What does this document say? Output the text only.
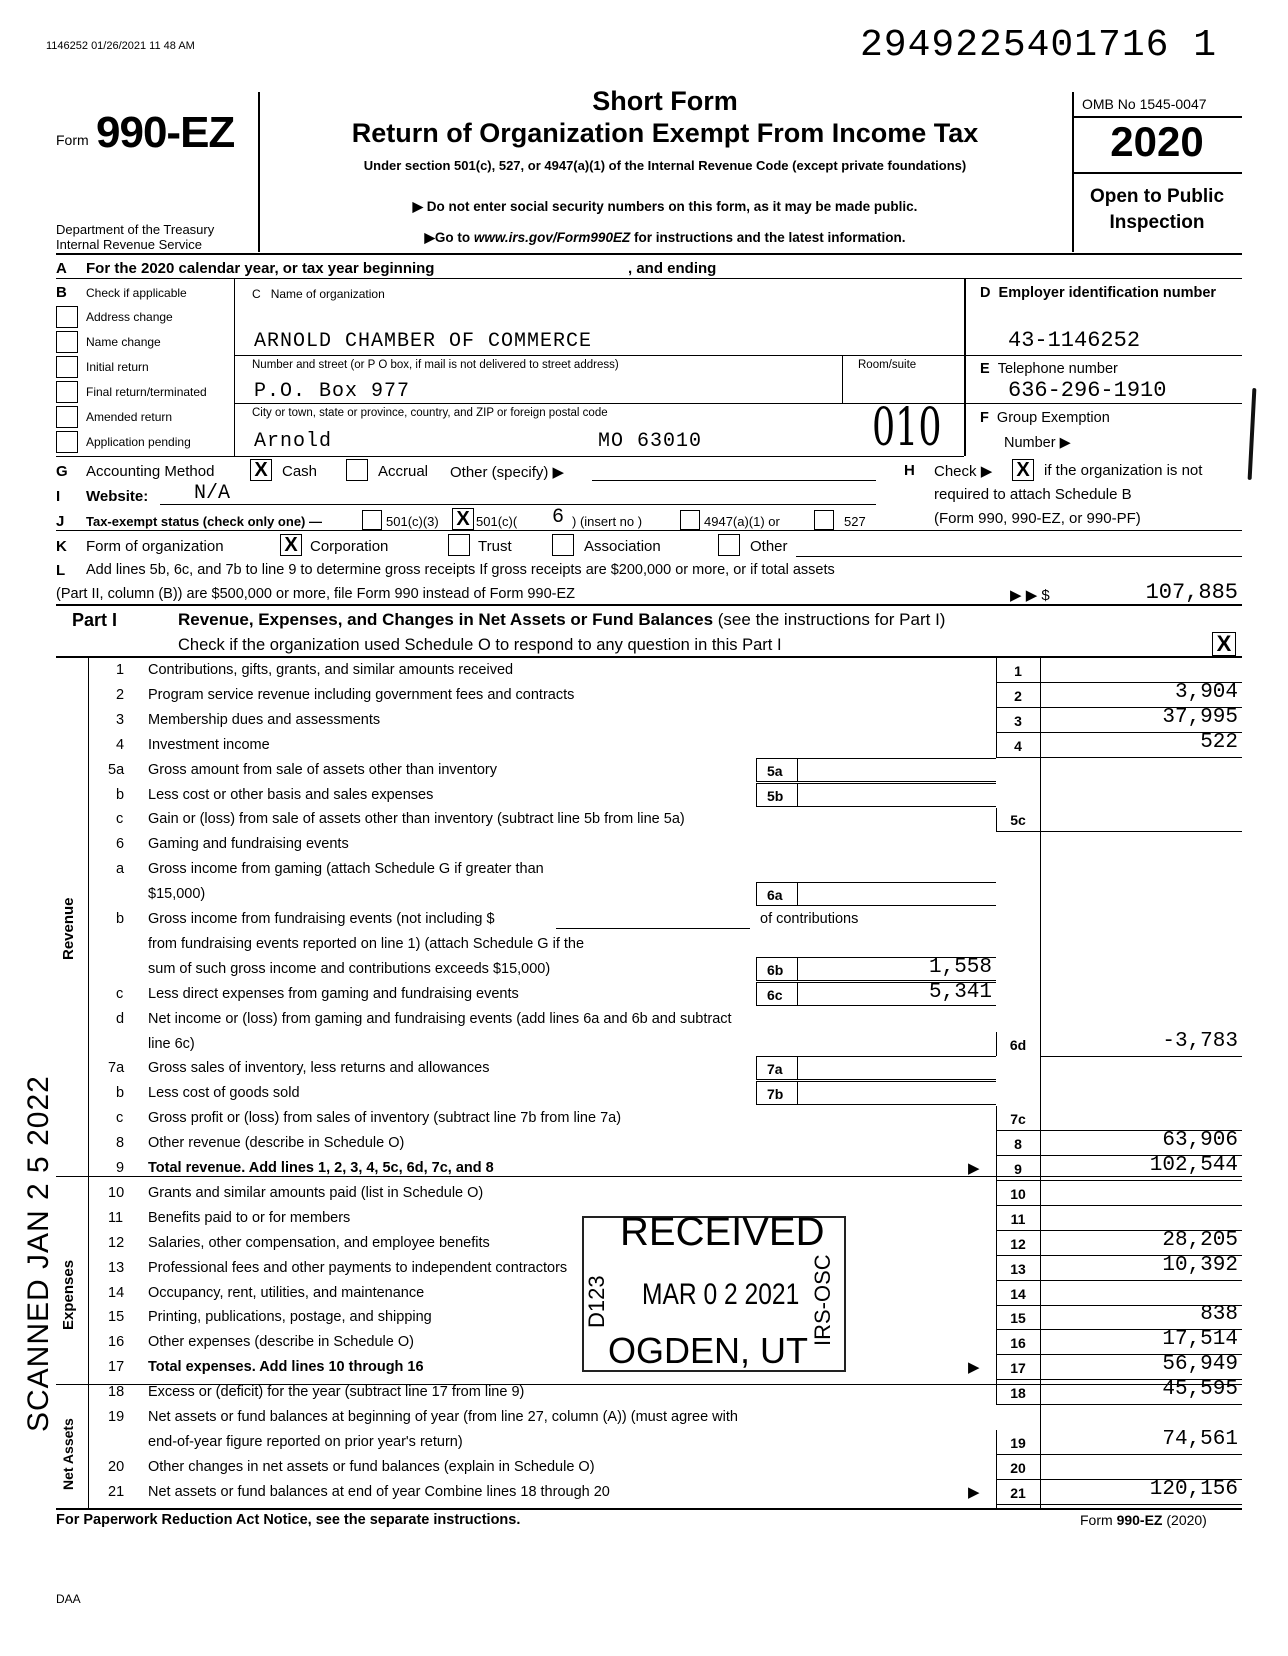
1146252 01/26/2021 11 48 AM	2949225401716 1
Form 990-EZ
Department of the Treasury
Internal Revenue Service
Short Form
Return of Organization Exempt From Income Tax
Under section 501(c), 527, or 4947(a)(1) of the Internal Revenue Code (except private foundations)
▶ Do not enter social security numbers on this form, as it may be made public.
▶Go to www.irs.gov/Form990EZ for instructions and the latest information.
OMB No 1545-0047
2020
Open to Public
Inspection
A For the 2020 calendar year, or tax year beginning	, and ending
B Check if applicable
Address change
Name change
Initial return
Final return/terminated
Amended return
Application pending
C Name of organization
ARNOLD CHAMBER OF COMMERCE
Number and street (or P O box, if mail is not delivered to street address)	Room/suite
P.O. Box 977
City or town, state or province, country, and ZIP or foreign postal code
Arnold	MO 63010	010
D Employer identification number
43-1146252
E Telephone number
636-296-1910
F Group Exemption
Number ▶
G Accounting Method X Cash	Accrual Other (specify) ▶	H Check ▶ X if the organization is not
required to attach Schedule B
(Form 990, 990-EZ, or 990-PF)
I Website: N/A
J Tax-exempt status (check only one) —	501(c)(3) X 501(c)( 6 ) (insert no )	4947(a)(1) or	527
K Form of organization	X Corporation	Trust	Association	Other
L Add lines 5b, 6c, and 7b to line 9 to determine gross receipts If gross receipts are $200,000 or more, or if total assets
(Part II, column (B)) are $500,000 or more, file Form 990 instead of Form 990-EZ	▶ ▶ $	107,885
Part I	Revenue, Expenses, and Changes in Net Assets or Fund Balances (see the instructions for Part I)
Check if the organization used Schedule O to respond to any question in this Part I	X
Revenue
Expenses
Net Assets
1 Contributions, gifts, grants, and similar amounts received	1
2 Program service revenue including government fees and contracts	2	3,904
3 Membership dues and assessments	3	37,995
4 Investment income	4	522
5a Gross amount from sale of assets other than inventory	5a
b Less cost or other basis and sales expenses	5b
c Gain or (loss) from sale of assets other than inventory (subtract line 5b from line 5a)	5c
6 Gaming and fundraising events
a Gross income from gaming (attach Schedule G if greater than
$15,000)	6a
b Gross income from fundraising events (not including $	of contributions
from fundraising events reported on line 1) (attach Schedule G if the
sum of such gross income and contributions exceeds $15,000)	6b	1,558
c Less direct expenses from gaming and fundraising events	6c	5,341
d Net income or (loss) from gaming and fundraising events (add lines 6a and 6b and subtract
line 6c)	6d	-3,783
7a Gross sales of inventory, less returns and allowances	7a
b Less cost of goods sold	7b
c Gross profit or (loss) from sales of inventory (subtract line 7b from line 7a)	7c
8 Other revenue (describe in Schedule O)	8	63,906
9 Total revenue. Add lines 1, 2, 3, 4, 5c, 6d, 7c, and 8	▶	9	102,544
10 Grants and similar amounts paid (list in Schedule O)	10
11 Benefits paid to or for members	11
12 Salaries, other compensation, and employee benefits	12	28,205
13 Professional fees and other payments to independent contractors	13	10,392
14 Occupancy, rent, utilities, and maintenance	14
15 Printing, publications, postage, and shipping	15	838
16 Other expenses (describe in Schedule O)	16	17,514
17 Total expenses. Add lines 10 through 16	▶	17	56,949
18 Excess or (deficit) for the year (subtract line 17 from line 9)	18	45,595
19 Net assets or fund balances at beginning of year (from line 27, column (A)) (must agree with
end-of-year figure reported on prior year's return)	19	74,561
20 Other changes in net assets or fund balances (explain in Schedule O)	20
21 Net assets or fund balances at end of year Combine lines 18 through 20	▶	21	120,156
RECEIVED
MAR 0 2 2021
OGDEN, UT
D123	IRS-OSC
SCANNED JAN 2 5 2022
For Paperwork Reduction Act Notice, see the separate instructions.	Form 990-EZ (2020)
DAA
